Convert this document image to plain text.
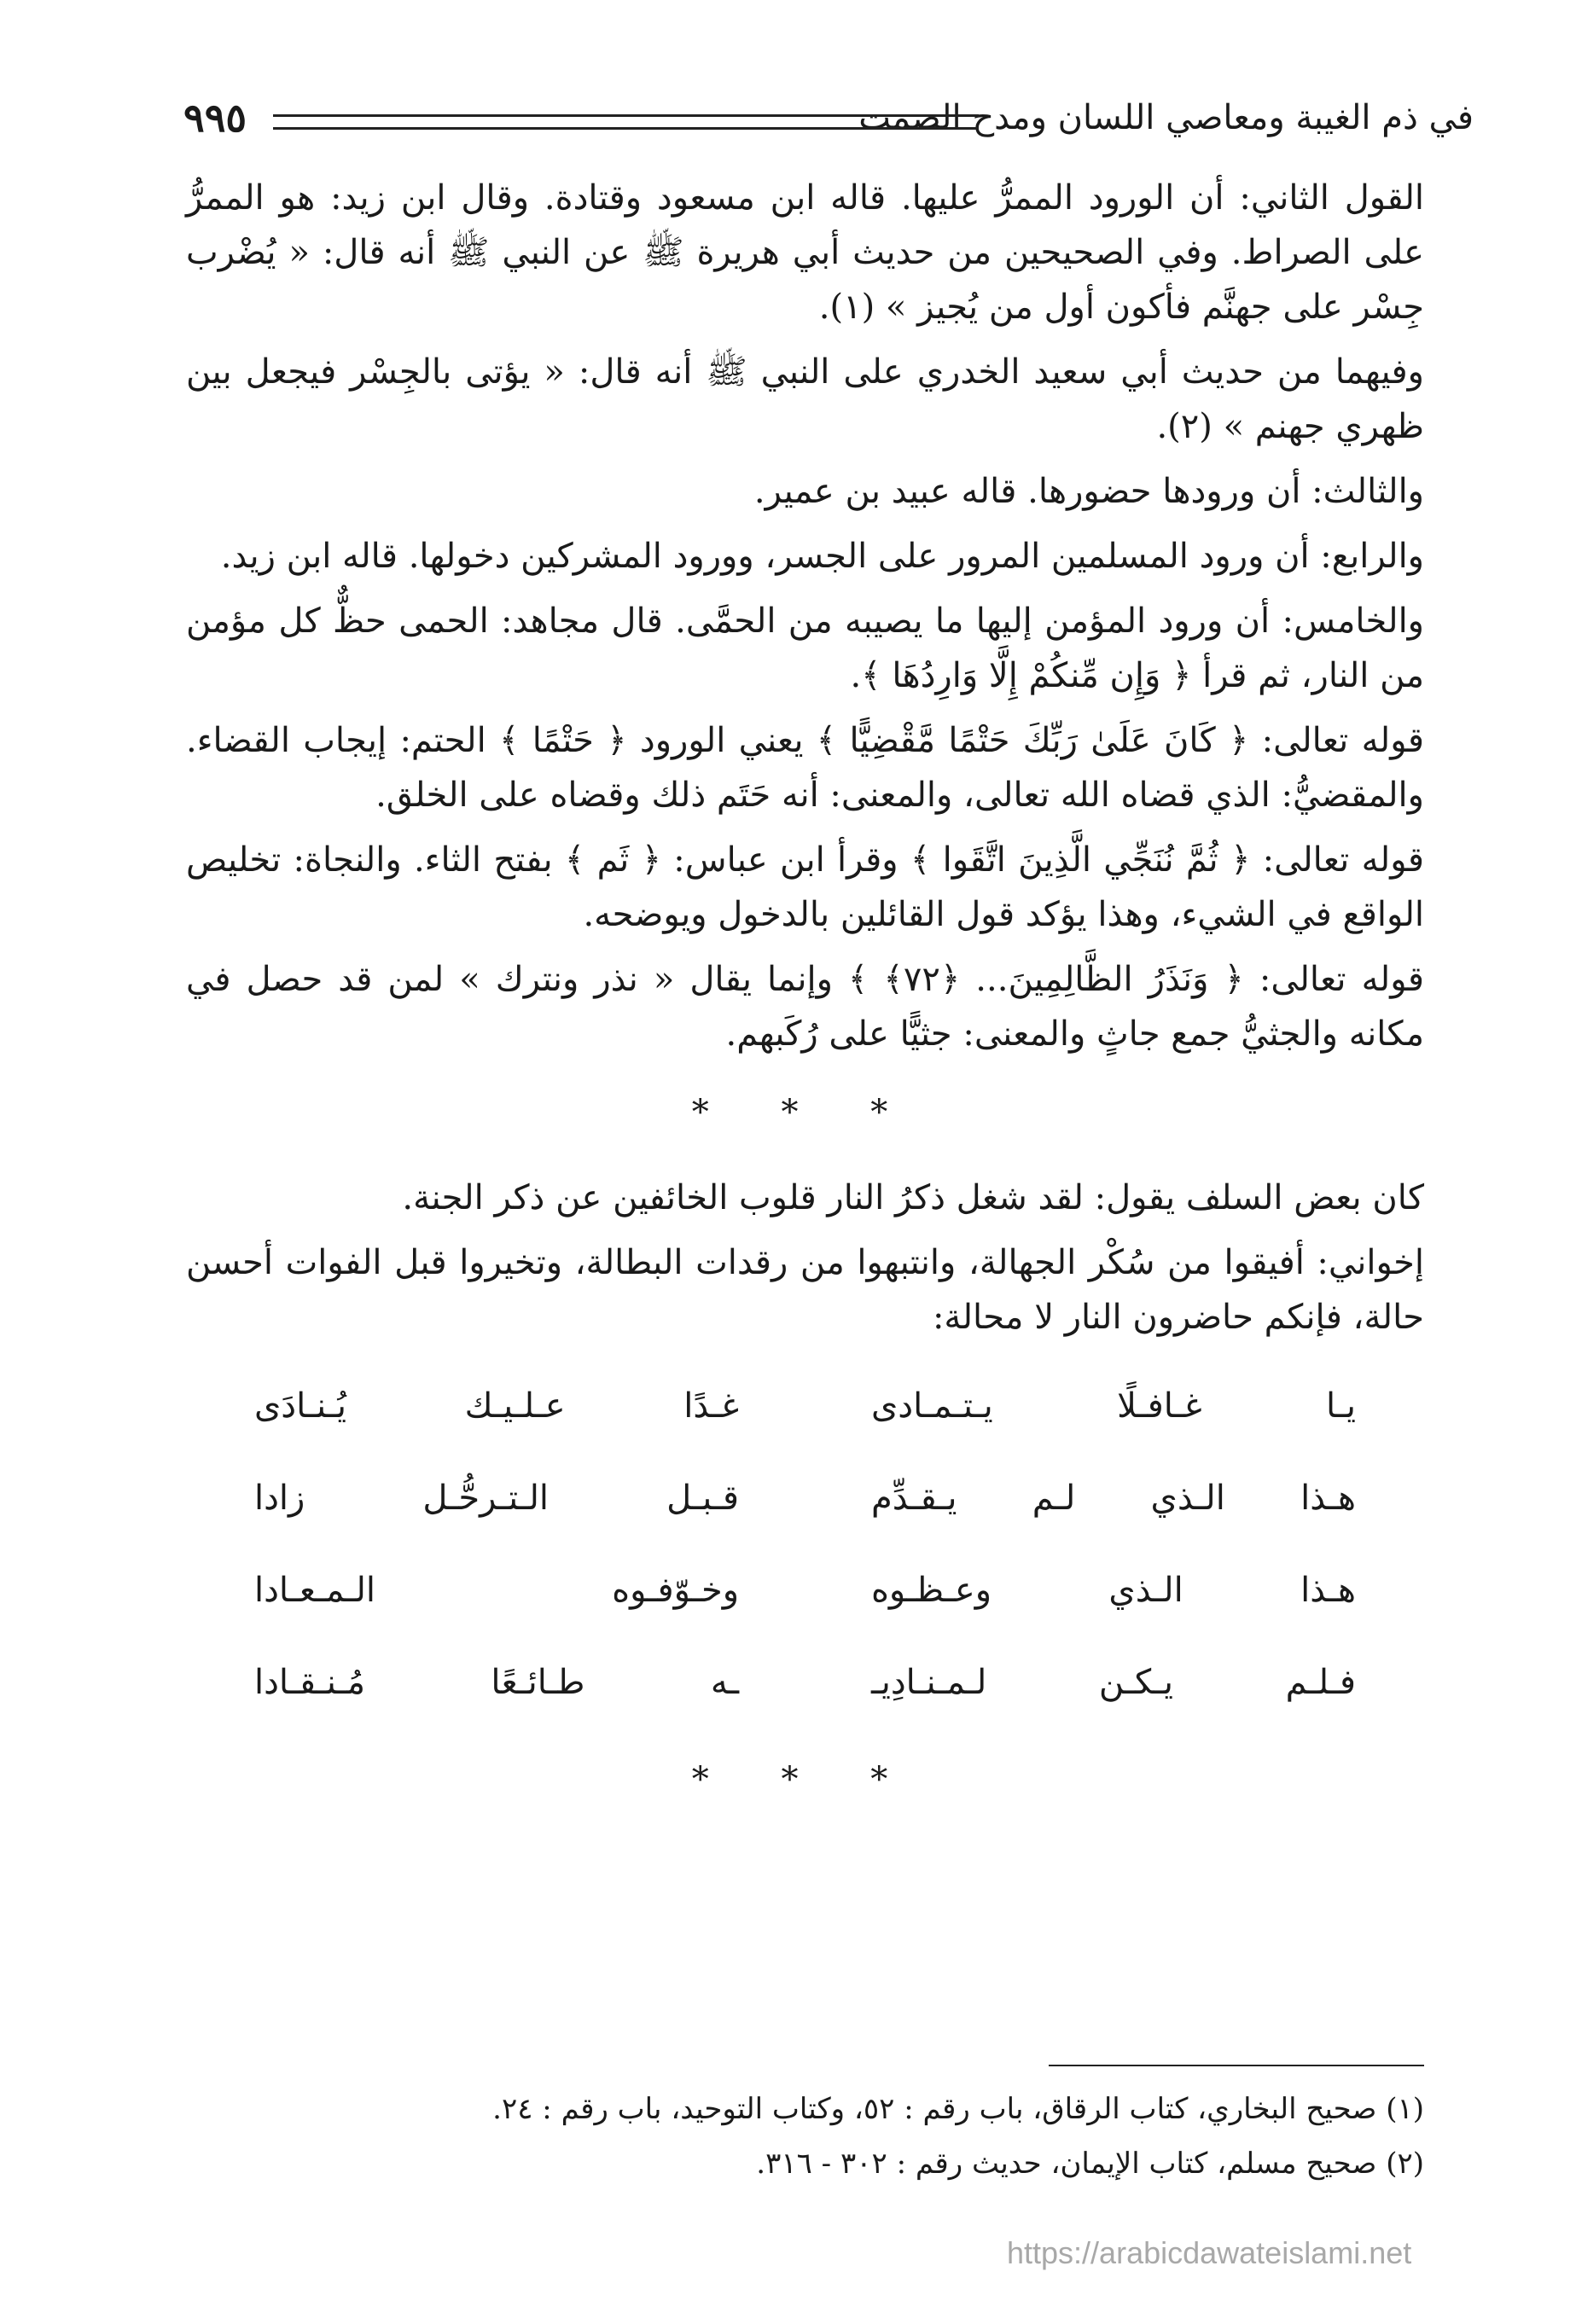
في ذم الغيبة ومعاصي اللسان ومدح الصمت
٩٩٥

القول الثاني: أن الورود الممرُّ عليها. قاله ابن مسعود وقتادة. وقال ابن زيد: هو الممرُّ على الصراط. وفي الصحيحين من حديث أبي هريرة ﷺ عن النبي ﷺ أنه قال: « يُضْرب جِسْر على جهنَّم فأكون أول من يُجيز » (١).

وفيهما من حديث أبي سعيد الخدري على النبي ﷺ أنه قال: « يؤتى بالجِسْر فيجعل بين ظهري جهنم » (٢).

والثالث: أن ورودها حضورها. قاله عبيد بن عمير.

والرابع: أن ورود المسلمين المرور على الجسر، وورود المشركين دخولها. قاله ابن زيد.

والخامس: أن ورود المؤمن إليها ما يصيبه من الحمَّى. قال مجاهد: الحمى حظٌّ كل مؤمن من النار، ثم قرأ ﴿ وَإِن مِّنكُمْ إِلَّا وَارِدُهَا ﴾.

قوله تعالى: ﴿ كَانَ عَلَىٰ رَبِّكَ حَتْمًا مَّقْضِيًّا ﴾ يعني الورود ﴿ حَتْمًا ﴾ الحتم: إيجاب القضاء. والمقضيُّ: الذي قضاه الله تعالى، والمعنى: أنه حَتَم ذلك وقضاه على الخلق.

قوله تعالى: ﴿ ثُمَّ نُنَجِّي الَّذِينَ اتَّقَوا ﴾ وقرأ ابن عباس: ﴿ ثَم ﴾ بفتح الثاء. والنجاة: تخليص الواقع في الشيء، وهذا يؤكد قول القائلين بالدخول ويوضحه.

قوله تعالى: ﴿ وَنَذَرُ الظَّالِمِينَ... ﴿٧٢﴾ ﴾ وإنما يقال « نذر ونترك » لمن قد حصل في مكانه والجثيُّ جمع جاثٍ والمعنى: جثيًّا على رُكَبهم.

* * *

كان بعض السلف يقول: لقد شغل ذكرُ النار قلوب الخائفين عن ذكر الجنة.

إخواني: أفيقوا من سُكْر الجهالة، وانتبهوا من رقدات البطالة، وتخيروا قبل الفوات أحسن حالة، فإنكم حاضرون النار لا محالة:

يـا غـافـلًا يـتـمـادى
غـدًا عـلـيـك يُـنـادَى
هـذا الـذي لـم يـقـدِّم
قـبـل الـتـرحُّـل زادا
هـذا الـذي وعـظـوه
وخـوّفـوه الـمـعـادا
فـلـم يـكـن لـمـنـادِيـ
ـه طـائـعًا مُـنـقـادا
* * *

(١) صحيح البخاري، كتاب الرقاق، باب رقم : ٥٢، وكتاب التوحيد، باب رقم : ٢٤.

(٢) صحيح مسلم، كتاب الإيمان، حديث رقم : ٣٠٢ - ٣١٦.

https://arabicdawateislami.net
